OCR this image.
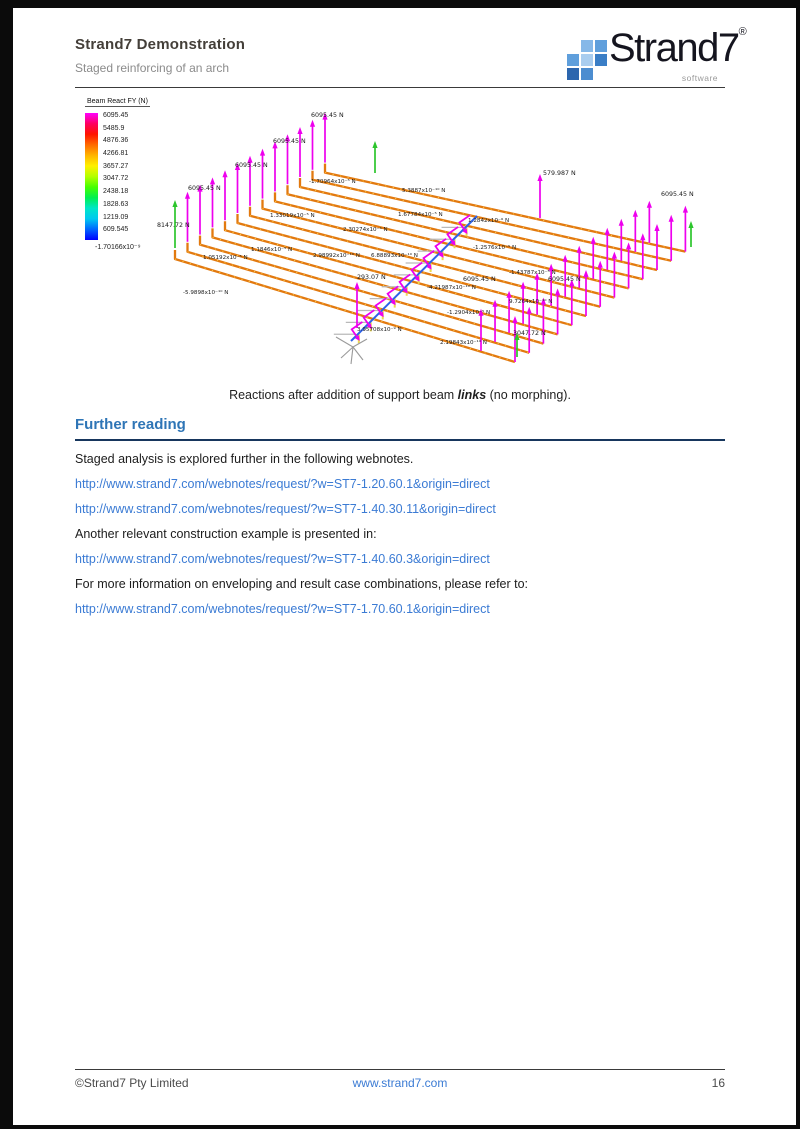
Strand7 Demonstration
Staged reinforcing of an arch	Strand7®
software
6095.45 N
6095.45 N
6095.45 N
6095.45 N
8147.72 N
579.987 N
6095.45 N
6095.45 N	6095.45 N
3047.72 N
293.07 N
-1.70964x10⁻⁵ N
5.3887x10⁻¹⁰ N
1.33019x10⁻⁵ N	1.67784x10⁻⁵ N
2.30274x10⁻⁵ N
1.2842x10⁻⁶ N
1.1846x10⁻⁵ N
2.98992x10⁻¹⁰ N 6.88893x10⁻¹⁰ N
-1.2576x10⁻⁵ N
1.05192x10⁻⁵ N
-1.43787x10⁻⁵ N
-4.21987x10⁻¹⁰ N
-5.9898x10⁻¹⁰ N
9.7264x10⁻¹⁰ N
-1.2904x10⁻⁵ N
3.95708x10⁻⁹ N
2.19843x10⁻¹⁰ N
Beam React FY (N)
6095.45
5485.9
4876.36
4266.81
3657.27
3047.72
2438.18
1828.63
1219.09
609.545
-1.70166x10⁻⁹
Reactions after addition of support beam links (no morphing).
Further reading
Staged analysis is explored further in the following webnotes.
http://www.strand7.com/webnotes/request/?w=ST7-1.20.60.1&origin=direct
http://www.strand7.com/webnotes/request/?w=ST7-1.40.30.11&origin=direct
Another relevant construction example is presented in:
http://www.strand7.com/webnotes/request/?w=ST7-1.40.60.3&origin=direct
For more information on enveloping and result case combinations, please refer to:
http://www.strand7.com/webnotes/request/?w=ST7-1.70.60.1&origin=direct
©Strand7 Pty Limited	www.strand7.com	16
